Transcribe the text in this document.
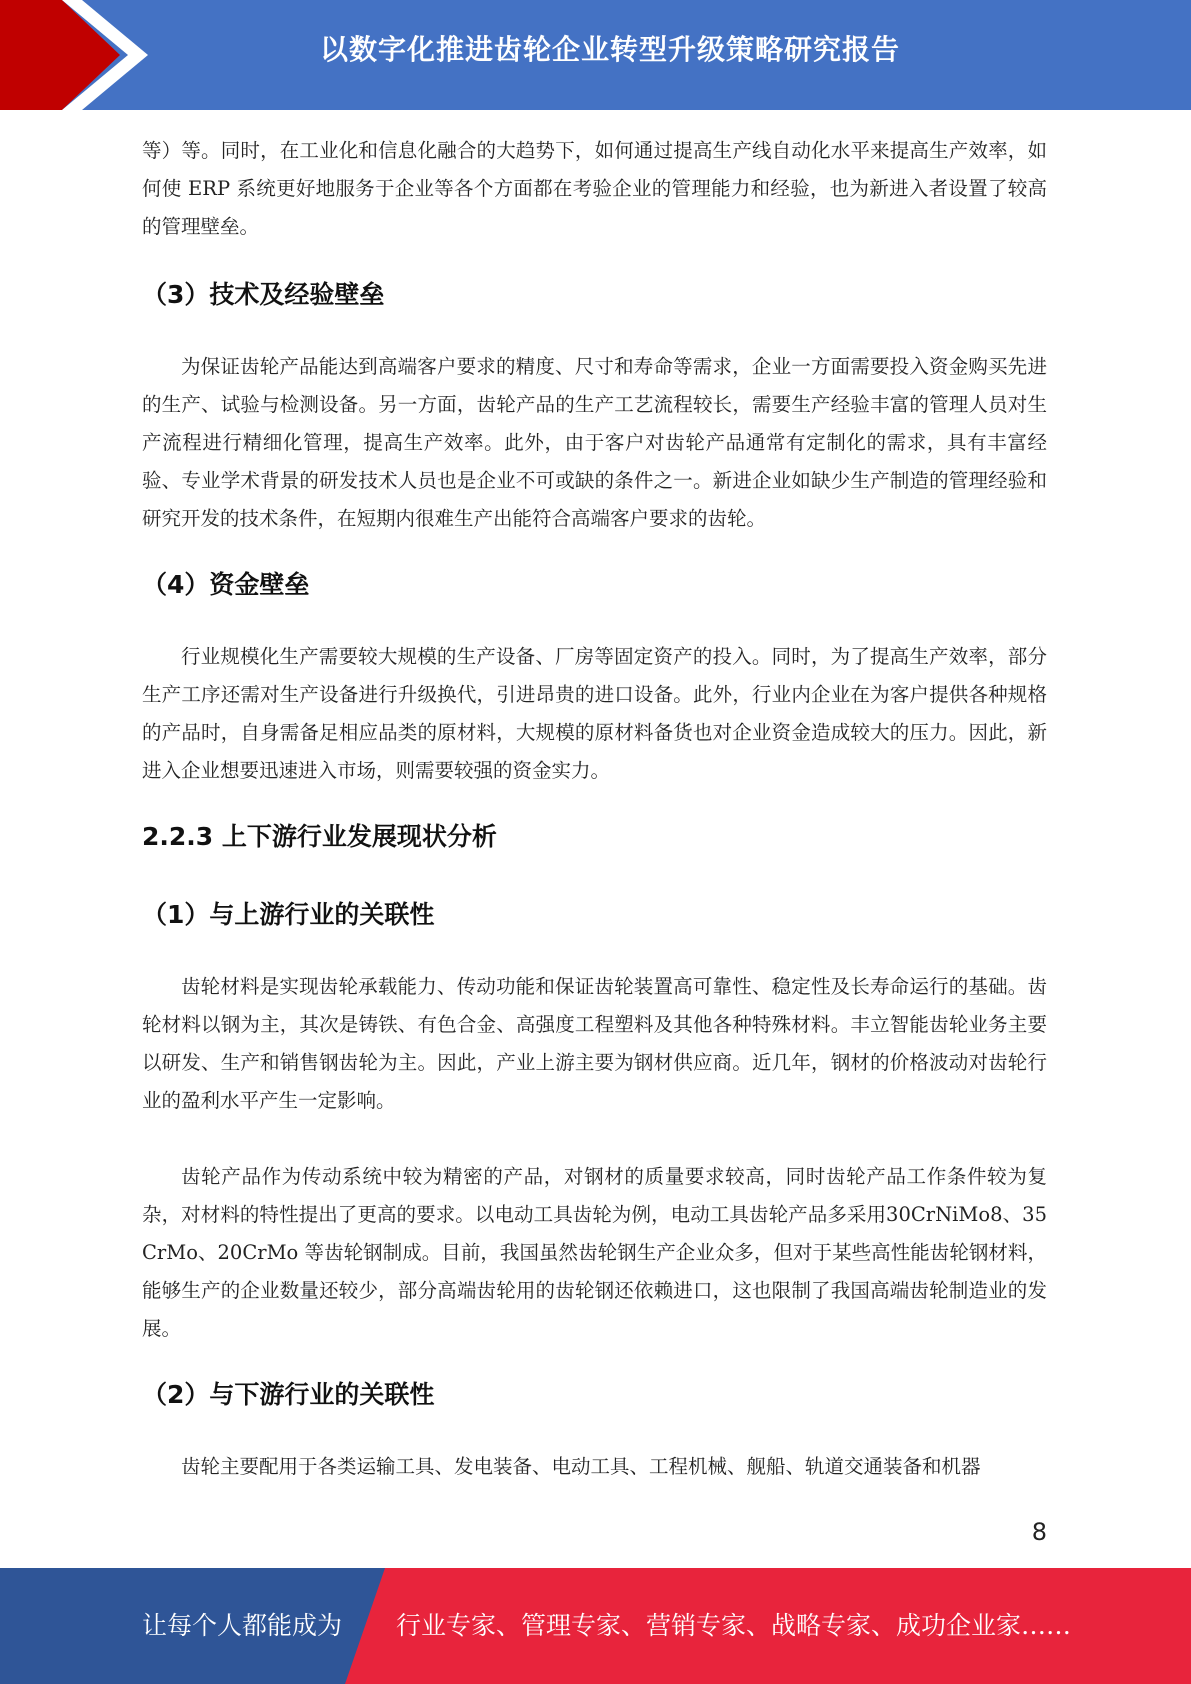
以数字化推进齿轮企业转型升级策略研究报告

等）等。同时，在工业化和信息化融合的大趋势下，如何通过提高生产线自动化水平来提高生产效率，如何使 ERP 系统更好地服务于企业等各个方面都在考验企业的管理能力和经验，也为新进入者设置了较高的管理壁垒。

（3）技术及经验壁垒

为保证齿轮产品能达到高端客户要求的精度、尺寸和寿命等需求，企业一方面需要投入资金购买先进的生产、试验与检测设备。另一方面，齿轮产品的生产工艺流程较长，需要生产经验丰富的管理人员对生产流程进行精细化管理，提高生产效率。此外，由于客户对齿轮产品通常有定制化的需求，具有丰富经验、专业学术背景的研发技术人员也是企业不可或缺的条件之一。新进企业如缺少生产制造的管理经验和研究开发的技术条件，在短期内很难生产出能符合高端客户要求的齿轮。

（4）资金壁垒

行业规模化生产需要较大规模的生产设备、厂房等固定资产的投入。同时，为了提高生产效率，部分生产工序还需对生产设备进行升级换代，引进昂贵的进口设备。此外，行业内企业在为客户提供各种规格的产品时，自身需备足相应品类的原材料，大规模的原材料备货也对企业资金造成较大的压力。因此，新进入企业想要迅速进入市场，则需要较强的资金实力。

2.2.3 上下游行业发展现状分析
（1）与上游行业的关联性

齿轮材料是实现齿轮承载能力、传动功能和保证齿轮装置高可靠性、稳定性及长寿命运行的基础。齿轮材料以钢为主，其次是铸铁、有色合金、高强度工程塑料及其他各种特殊材料。丰立智能齿轮业务主要以研发、生产和销售钢齿轮为主。因此，产业上游主要为钢材供应商。近几年，钢材的价格波动对齿轮行业的盈利水平产生一定影响。

齿轮产品作为传动系统中较为精密的产品，对钢材的质量要求较高，同时齿轮产品工作条件较为复杂，对材料的特性提出了更高的要求。以电动工具齿轮为例，电动工具齿轮产品多采用30CrNiMo8、35CrMo、20CrMo 等齿轮钢制成。目前，我国虽然齿轮钢生产企业众多，但对于某些高性能齿轮钢材料，能够生产的企业数量还较少，部分高端齿轮用的齿轮钢还依赖进口，这也限制了我国高端齿轮制造业的发展。

（2）与下游行业的关联性

齿轮主要配用于各类运输工具、发电装备、电动工具、工程机械、舰船、轨道交通装备和机器

8
让每个人都能成为 行业专家、管理专家、营销专家、战略专家、成功企业家……
